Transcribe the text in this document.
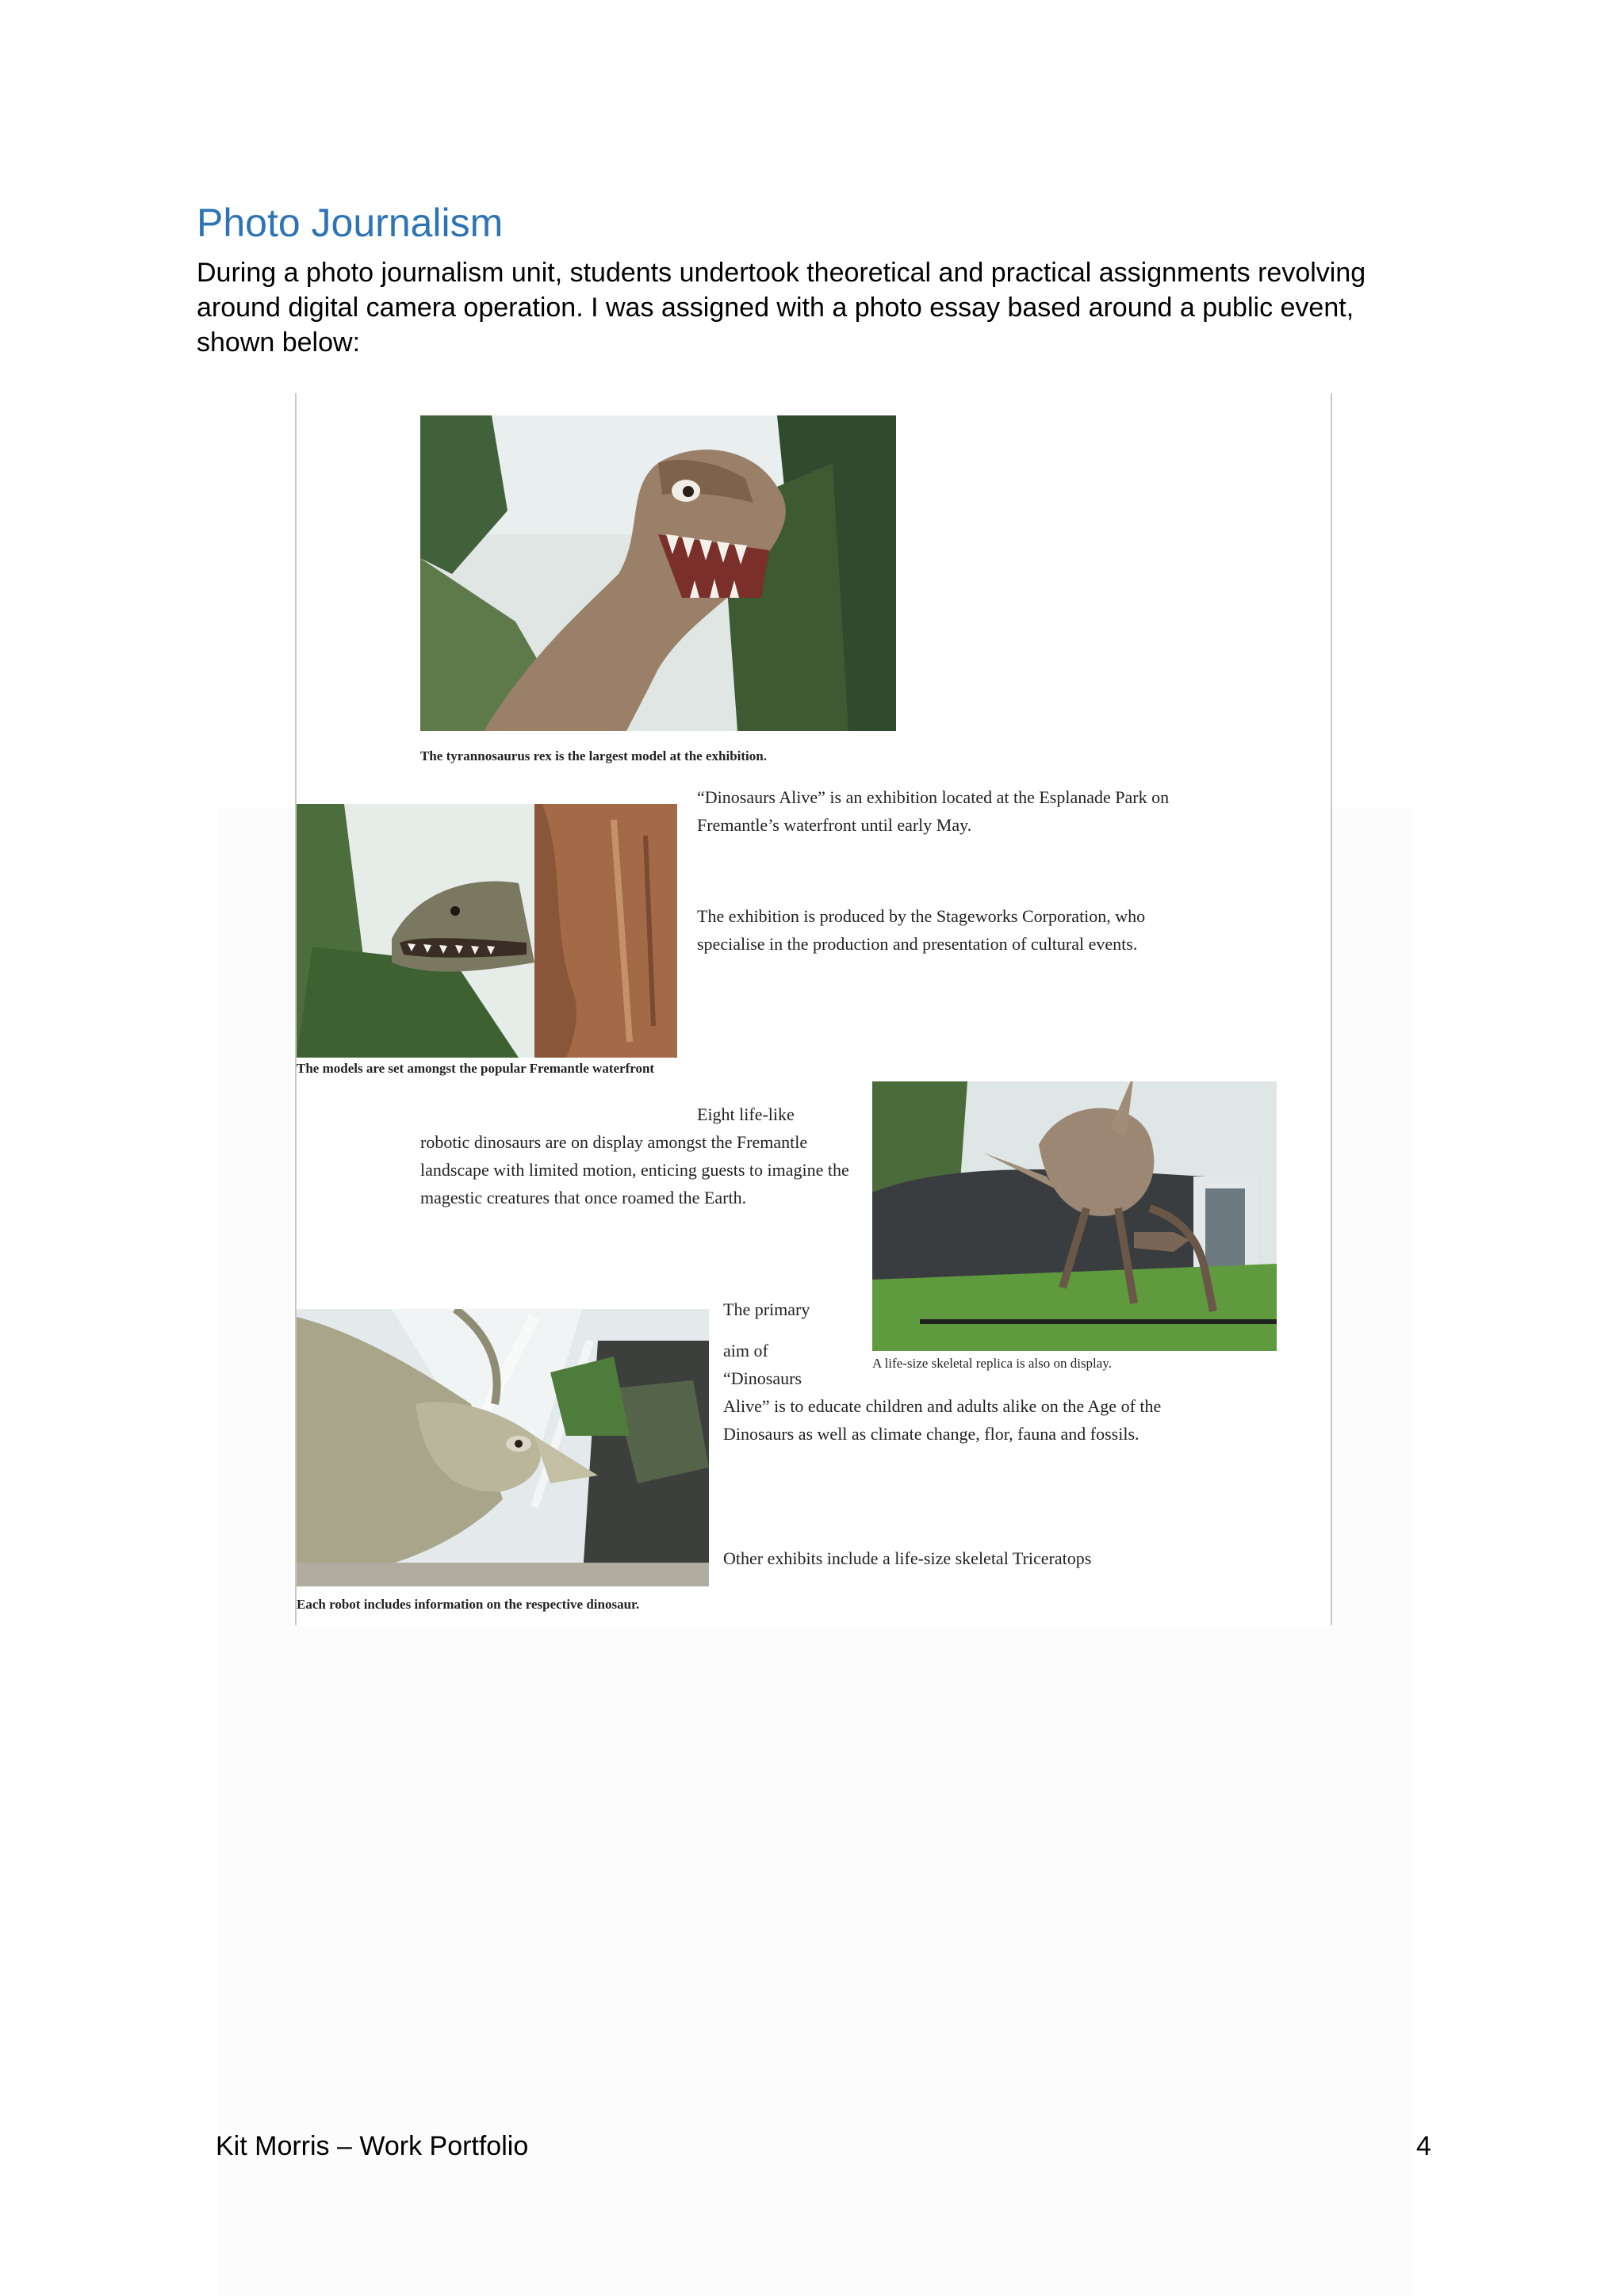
Photo Journalism

During a photo journalism unit, students undertook theoretical and practical assignments revolving around digital camera operation. I was assigned with a photo essay based around a public event, shown below:

The tyrannosaurus rex is the largest model at the exhibition.

“Dinosaurs Alive” is an exhibition located at the Esplanade Park on Fremantle’s waterfront until early May.

The exhibition is produced by the Stageworks Corporation, who specialise in the production and presentation of cultural events.

The models are set amongst the popular Fremantle waterfront

Eight life-like

robotic dinosaurs are on display amongst the Fremantle landscape with limited motion, enticing guests to imagine the magestic creatures that once roamed the Earth.

A life-size skeletal replica is also on display.

The primary

aim of

“Dinosaurs

Alive” is to educate children and adults alike on the Age of the Dinosaurs as well as climate change, flor, fauna and fossils.

Other exhibits include a life-size skeletal Triceratops

Each robot includes information on the respective dinosaur.

Kit Morris – Work Portfolio	4
